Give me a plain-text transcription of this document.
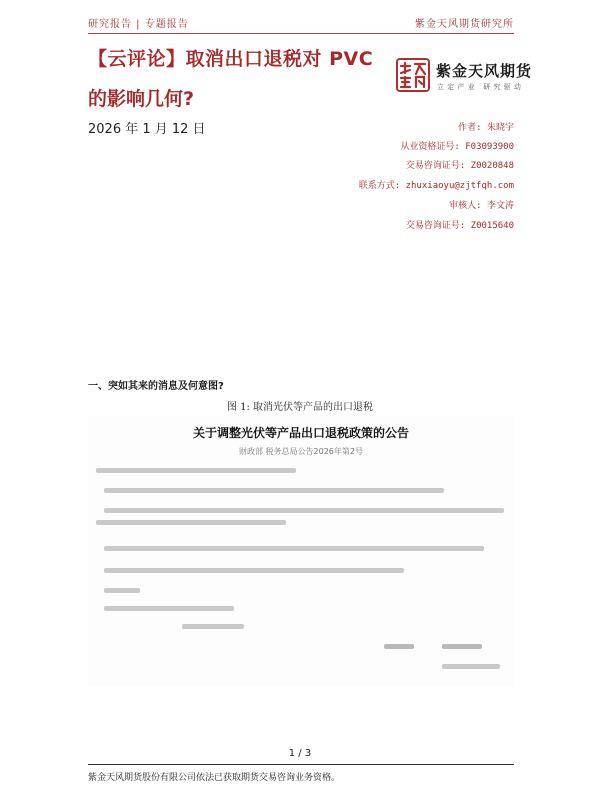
研究报告 | 专题报告	紫金天风期货研究所
【云评论】取消出口退税对 PVC
的影响几何?
2026 年 1 月 12 日
紫金天风期货
立定产业 研究驱动
作者: 朱晓宇
从业资格证号: F03093900
交易咨询证号: Z0020848
联系方式: zhuxiaoyu@zjtfqh.com
审核人: 李文涛
交易咨询证号: Z0015640
一、突如其来的消息及何意图?
图 1: 取消光伏等产品的出口退税
关于调整光伏等产品出口退税政策的公告
财政部 税务总局公告2026年第2号
1 / 3
紫金天风期货股份有限公司依法已获取期货交易咨询业务资格。
